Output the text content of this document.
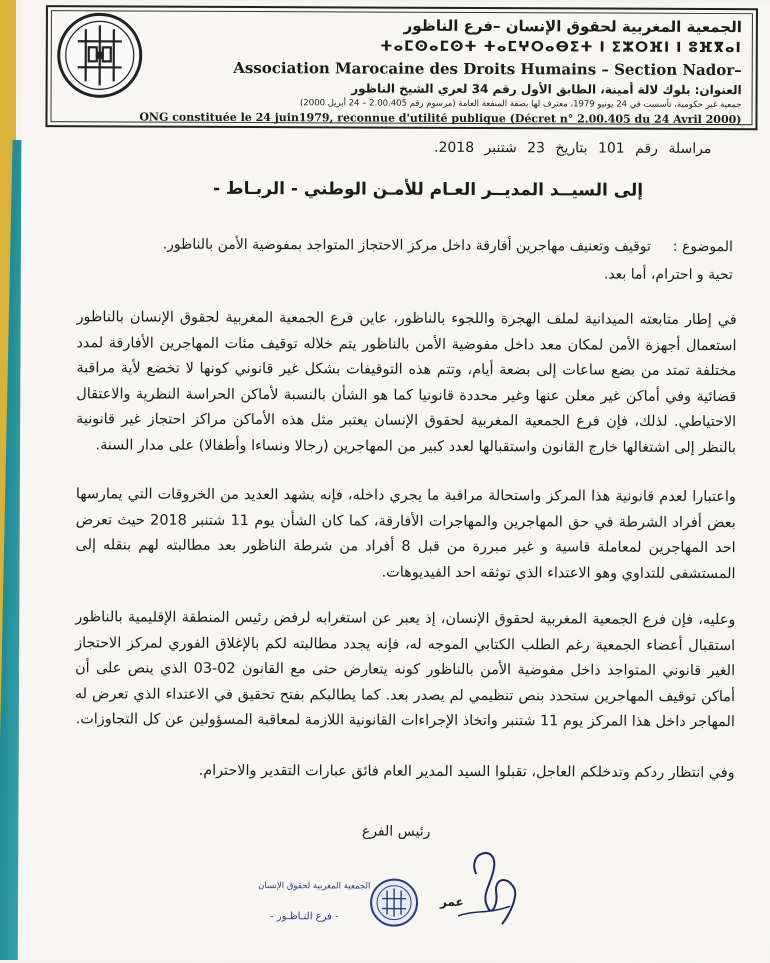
الجمعية المغربية لحقوق الإنسان –فرع الناظور
ⵜⴰⵎⵙⴰⵎⵙⵜ ⵜⴰⵎⵖⵔⴰⴱⵉⵜ ⵏ ⵉⵣⵔⴼⵏ ⵏ ⵓⴼⴳⴰⵏ
Association Marocaine des Droits Humains – Section Nador–
العنوان: بلوك لالة أمينة، الطابق الأول رقم 34 لعري الشيخ الناظور
جمعية غير حكومية، تأسست في 24 يونيو 1979، معترف لها بصفة المنفعة العامة (مرسوم رقم 2.00.405 – 24 أبريل 2000)
ONG constituée le 24 juin1979, reconnue d'utilité publique (Décret n° 2.00.405 du 24 Avril 2000)
مراسلة رقم 101 بتاريخ 23 شتنبر 2018.
إلى السيــد المديــر العـام للأمـن الوطني - الربـاط -
الموضوع :
توقيف وتعنيف مهاجرين أفارقة داخل مركز الاحتجاز المتواجد بمفوضية الأمن بالناظور.
تحية و احترام، أما بعد.

في إطار متابعته الميدانية لملف الهجرة واللجوء بالناظور، عاين فرع الجمعية المغربية لحقوق الإنسان بالناظور استعمال أجهزة الأمن لمكان معد داخل مفوضية الأمن بالناظور يتم خلاله توقيف مئات المهاجرين الأفارقة لمدد مختلفة تمتد من بضع ساعات إلى بضعة أيام، وتتم هذه التوقيفات بشكل غير قانوني كونها لا تخضع لأية مراقبة قضائية وفي أماكن غير معلن عنها وغير محددة قانونيا كما هو الشأن بالنسبة لأماكن الحراسة النظرية والاعتقال الاحتياطي. لذلك، فإن فرع الجمعية المغربية لحقوق الإنسان يعتبر مثل هذه الأماكن مراكز احتجاز غير قانونية بالنظر إلى اشتغالها خارج القانون واستقبالها لعدد كبير من المهاجرين (رجالا ونساءا وأطفالا) على مدار السنة.

واعتبارا لعدم قانونية هذا المركز واستحالة مراقبة ما يجري داخله، فإنه يشهد العديد من الخروقات التي يمارسها بعض أفراد الشرطة في حق المهاجرين والمهاجرات الأفارقة، كما كان الشأن يوم 11 شتنبر 2018 حيث تعرض احد المهاجرين لمعاملة قاسية و غير مبررة من قبل 8 أفراد من شرطة الناظور بعد مطالبته لهم بنقله إلى المستشفى للتداوي وهو الاعتداء الذي توثقه احد الفيديوهات.

وعليه، فإن فرع الجمعية المغربية لحقوق الإنسان، إذ يعبر عن استغرابه لرفض رئيس المنطقة الإقليمية بالناظور استقبال أعضاء الجمعية رغم الطلب الكتابي الموجه له، فإنه يجدد مطالبته لكم بالإغلاق الفوري لمركز الاحتجاز الغير قانوني المتواجد داخل مفوضية الأمن بالناظور كونه يتعارض حتى مع القانون 02-03 الذي ينص على أن أماكن توقيف المهاجرين ستحدد بنص تنظيمي لم يصدر بعد. كما يطالبكم بفتح تحقيق في الاعتداء الذي تعرض له المهاجر داخل هذا المركز يوم 11 شتنبر واتخاذ الإجراءات القانونية اللازمة لمعاقبة المسؤولين عن كل التجاوزات.

وفي انتظار ردكم وتدخلكم العاجل، تقبلوا السيد المدير العام فائق عبارات التقدير والاحترام.

رئيس الفرع
الجمعية المغربية لحقوق الإنسان
- فرع النـاظـور -
عمر
